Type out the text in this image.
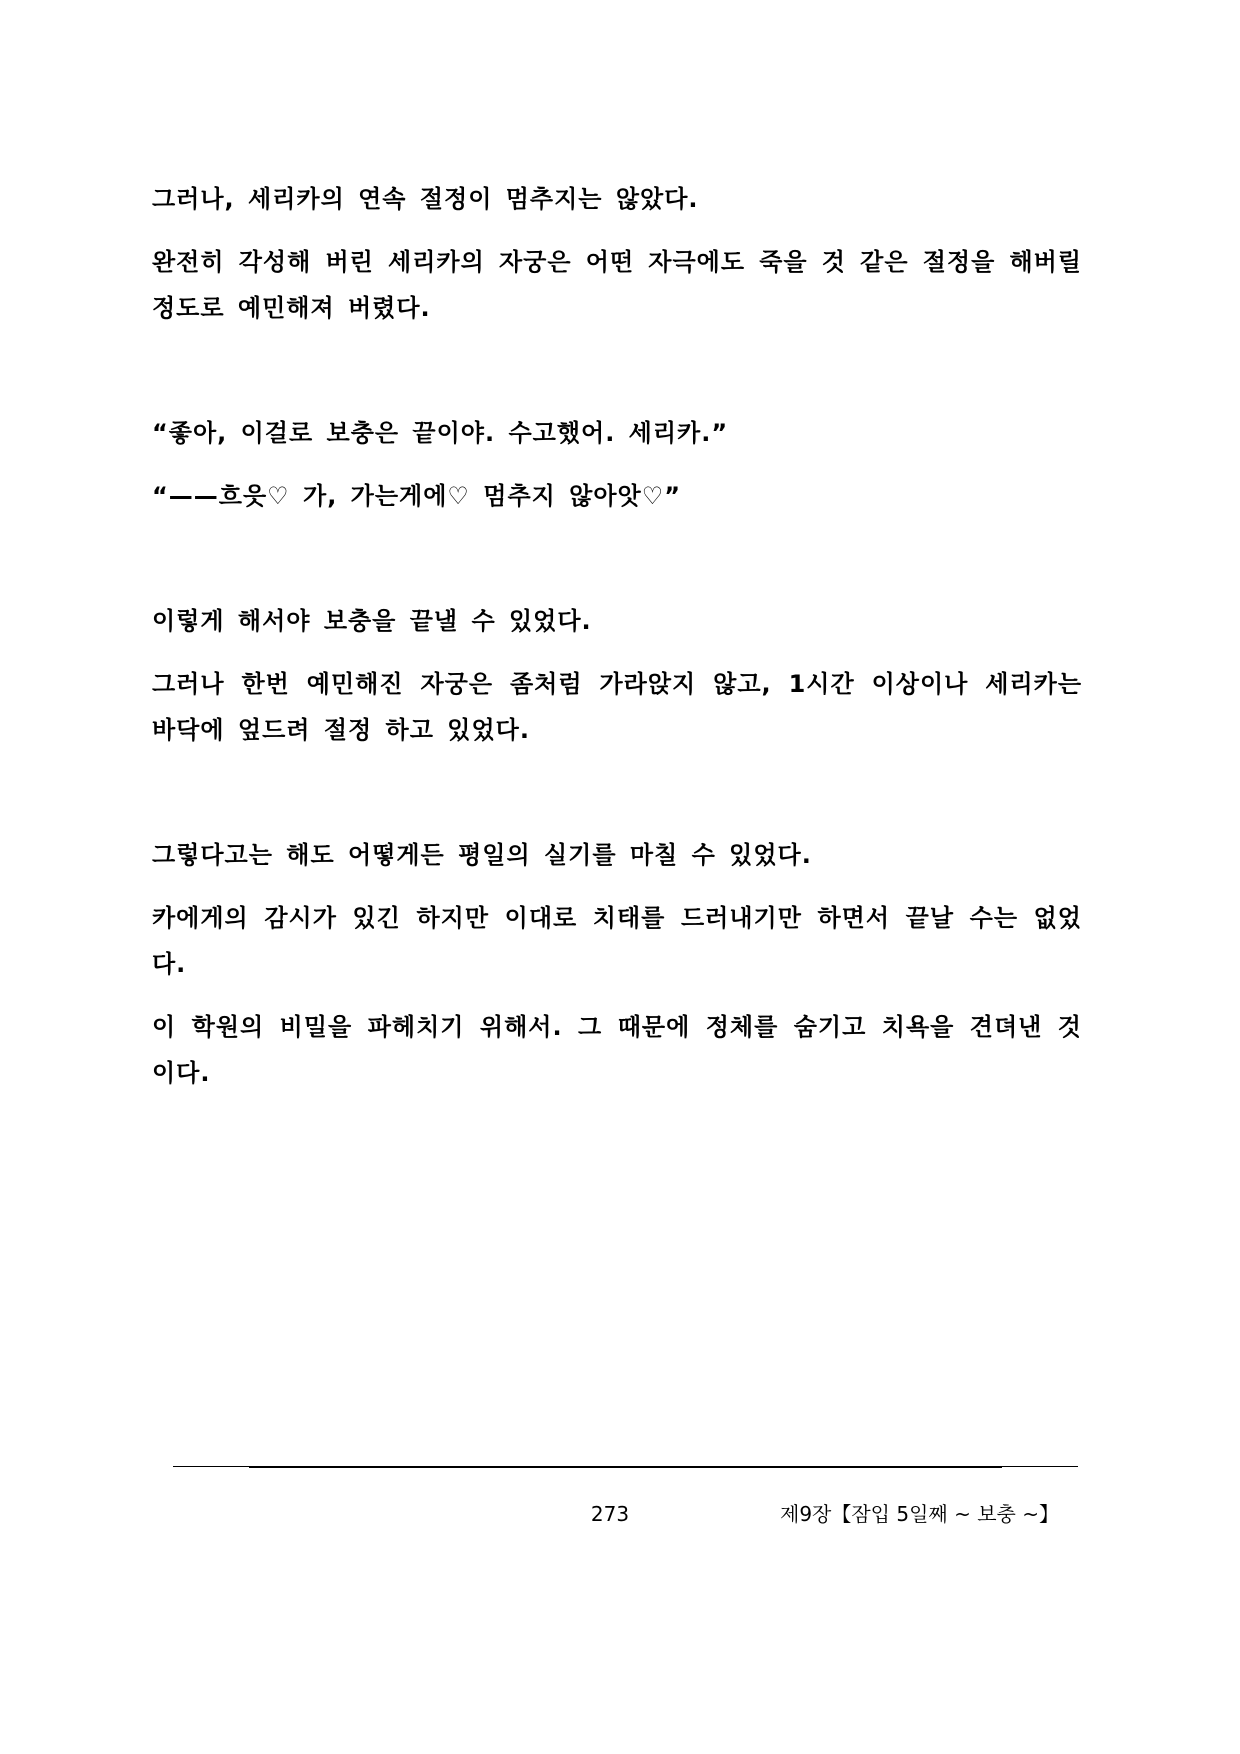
그러나, 세리카의 연속 절정이 멈추지는 않았다.

완전히 각성해 버린 세리카의 자궁은 어떤 자극에도 죽을 것 같은 절정을 해버릴 정도로 예민해져 버렸다.

“좋아, 이걸로 보충은 끝이야. 수고했어. 세리카.”

“——흐읏♡ 가, 가는게에♡ 멈추지 않아앗♡”

이렇게 해서야 보충을 끝낼 수 있었다.

그러나 한번 예민해진 자궁은 좀처럼 가라앉지 않고, 1시간 이상이나 세리카는 바닥에 엎드려 절정 하고 있었다.

그렇다고는 해도 어떻게든 평일의 실기를 마칠 수 있었다.

카에게의 감시가 있긴 하지만 이대로 치태를 드러내기만 하면서 끝날 수는 없었다.

이 학원의 비밀을 파헤치기 위해서. 그 때문에 정체를 숨기고 치욕을 견뎌낸 것이다.

273	제9장【잠입 5일째 ~ 보충 ~】
